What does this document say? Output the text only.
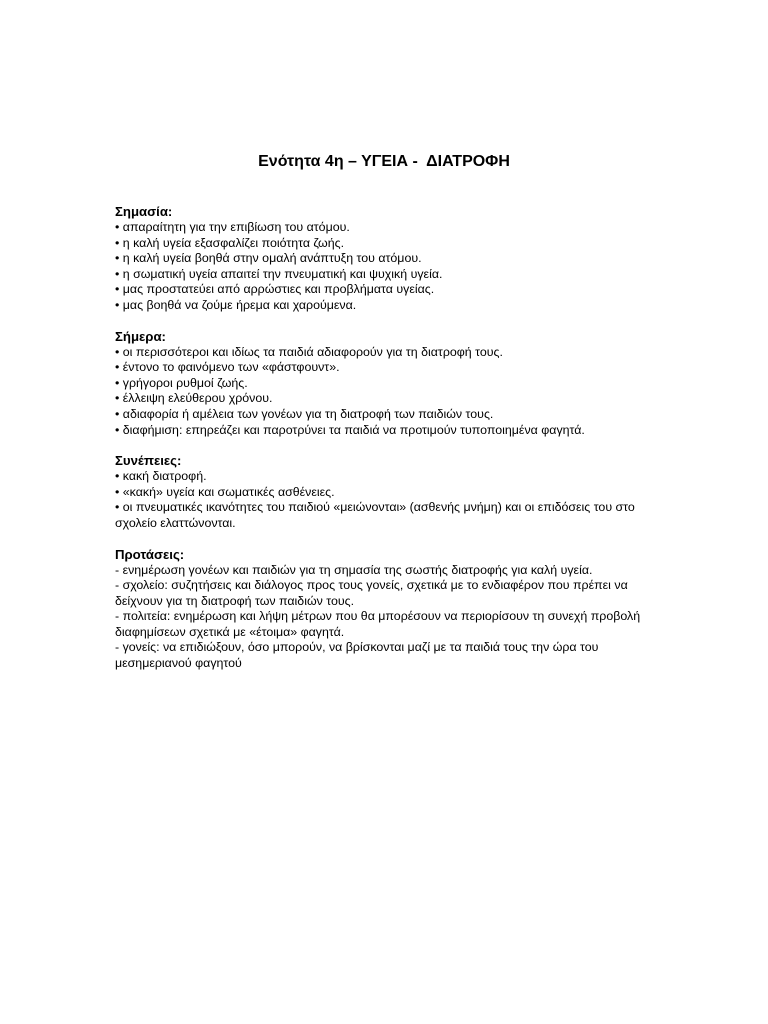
Ενότητα 4η – ΥΓΕΙΑ -  ΔΙΑΤΡΟΦΗ
Σημασία:
• απαραίτητη για την επιβίωση του ατόμου.
• η καλή υγεία εξασφαλίζει ποιότητα ζωής.
• η καλή υγεία βοηθά στην ομαλή ανάπτυξη του ατόμου.
• η σωματική υγεία απαιτεί την πνευματική και ψυχική υγεία.
• μας προστατεύει από αρρώστιες και προβλήματα υγείας.
• μας βοηθά να ζούμε ήρεμα και χαρούμενα.
Σήμερα:
• οι περισσότεροι και ιδίως τα παιδιά αδιαφορούν για τη διατροφή τους.
• έντονο το φαινόμενο των «φάστφουντ».
• γρήγοροι ρυθμοί ζωής.
• έλλειψη ελεύθερου χρόνου.
• αδιαφορία ή αμέλεια των γονέων για τη διατροφή των παιδιών τους.
• διαφήμιση: επηρεάζει και παροτρύνει τα παιδιά να προτιμούν τυποποιημένα φαγητά.
Συνέπειες:
• κακή διατροφή.
• «κακή» υγεία και σωματικές ασθένειες.
• οι πνευματικές ικανότητες του παιδιού «μειώνονται» (ασθενής μνήμη) και οι επιδόσεις του στο σχολείο ελαττώνονται.
Προτάσεις:
- ενημέρωση γονέων και παιδιών για τη σημασία της σωστής διατροφής για καλή υγεία.
- σχολείο: συζητήσεις και διάλογος προς τους γονείς, σχετικά με το ενδιαφέρον που πρέπει να δείχνουν για τη διατροφή των παιδιών τους.
- πολιτεία: ενημέρωση και λήψη μέτρων που θα μπορέσουν να περιορίσουν τη συνεχή προβολή διαφημίσεων σχετικά με «έτοιμα» φαγητά.
- γονείς: να επιδιώξουν, όσο μπορούν, να βρίσκονται μαζί με τα παιδιά τους την ώρα του μεσημεριανού φαγητού
